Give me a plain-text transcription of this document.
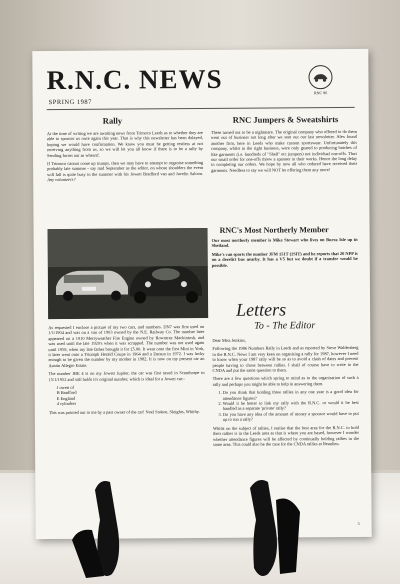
R.N.C. NEWS
SPRING 1987
RNC 86
Rally

At the time of writing we are awaiting news from Trimoco Leeds as to whether they are able to sponsor us once again this year. That is why this newsletter has been delayed, hoping we would have confirmation. We know you must be getting restless at not receiving anything from us, so we will let you all know if there is to be a rally by Sending forms out as when/if.

If Trimoco cannot come up trumps, then we may have to attempt to organise something probably late summer - say mid September as the editor, on whose shoulders the event will fall is quite busy in the summer with his Jowett Bradford van and Javelin Saloon. Any volunteers?

As requested I enclose a picture of my two cars, and numbers. DN7 was first used on 1/1/1904 and was on a van of 1903 owned by the N.E. Railway Co. The number later appeared on a 1910 Merryweather Fire Engine owned by Rowntree Mackintosh, and was used until the late 1920's when it was scrapped. The number was not used again until 1959, when my late father brought it for £5.00. It went onto the first Mini in York, it later went onto a Triumph Herald Coupe in 1964 and a Datsun in 1972. I was lucky enough to be given the number by my mother in 1982. It is now on my present car an Austin Allegro Estate.

The number JBE 4 is on my Jowett Jupiter, the car was first taxed in Scunthorpe in 15/1/1952 and still holds it's original number, which is ideal for a Jowett car:-

J owett of
B Bradford
E England
4 cylinders

This was pointed out to me by a past owner of the car! Noel Stokoe, Sleights, Whitby.

RNC Jumpers & Sweatshirts

These turned out to be a nightmare. The original company who offered to do them went out of business not long after we sent out our last newsletter. Alex found another firm, here in Leeds who make custom sportswear. Unfortunately this company, whilst in the right business, were only geared to producing batches of like garments (i.e. hundreds of "Shell" etc jumpers) not individual one-offs. Thus our small order for one-offs threw a spanner in their works. Hence the long delay in completing our orders. We hope by now all who ordered have received their garments. Needless to say we will NOT be offering them any more!

RNC's Most Northerly Member

Our most northerly member is Mike Stewart who lives on Burra Isle up in Shetland.

Mike's van sports the number JFM 151T (1SIT) and he reports that 20 NPP is on a derelict bus nearby. It has a V5 but we doubt if a transfer would be possible.

Letters
To - The Editor

Dear Miss Jenkins,

Following the 1986 Numbers Rally in Leeds and as reported by Steve Waldenberg in the R.N.C. News I am very keen on organising a rally for 1987, however I need to know when your 1987 rally will be so as to avoid a clash of dates and prevent people having to chose between rallies. I shall of course have to write to the CNDA and put the same question to them.

There are a few questions which spring to mind as to the organisation of such a rally and perhaps you might be able to help in answering them.

1. Do you think that holding three rallies in any one year is a good idea for attendance figures?
2. Would it be better to link my rally with the R.N.C. or would it be best handled as a separate 'private' rally?
3. Do you have any idea of the amount of money a sponsor would have to put up to run a rally?

Whilst on the subject of rallies, I realise that the best area for the R.N.C. to hold their rallies is in the Leeds area as that is where you are based, however I wonder whether attendance figures will be affected by continually holding rallies in the same area. This could also be the case for the CNDA rallies at Beaulieu.

5
